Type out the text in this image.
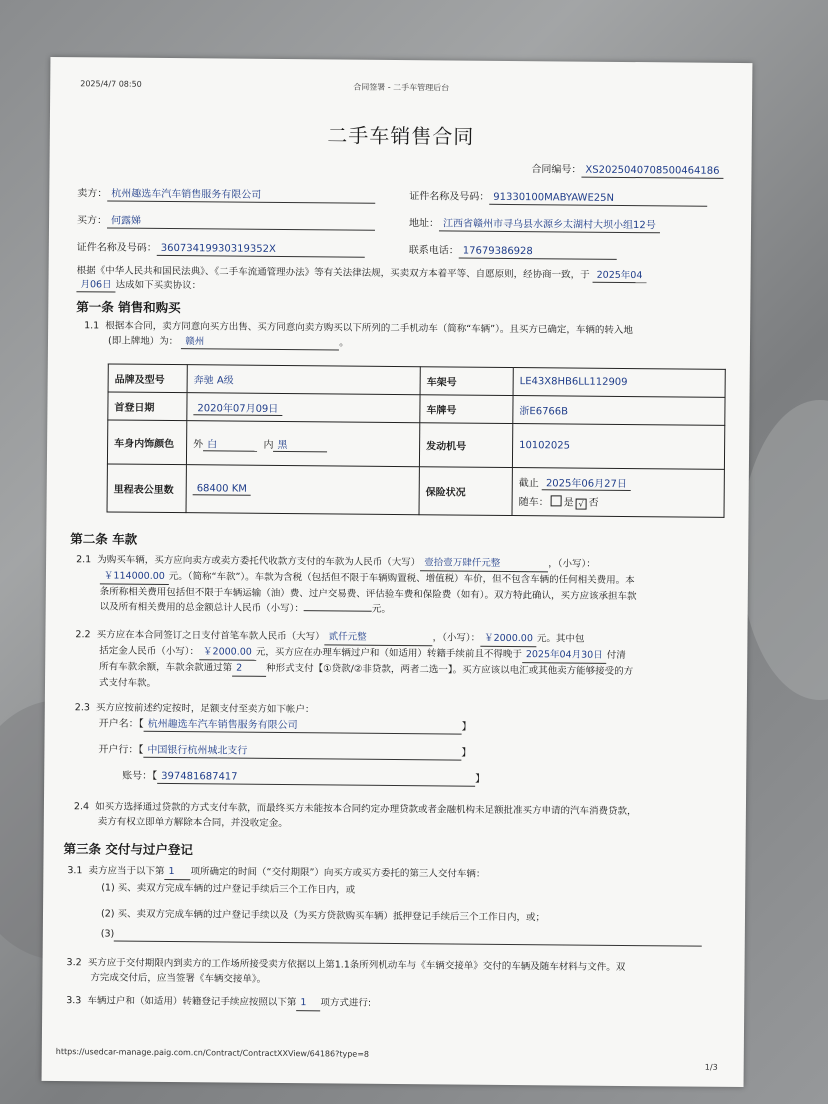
2025/4/7 08:50	合同签署 - 二手车管理后台
二手车销售合同
合同编号： XS2025040708500464186
卖方： 杭州趣选车汽车销售服务有限公司	证件名称及号码： 91330100MABYAWE25N
买方： 何露娣	地址： 江西省赣州市寻乌县水源乡太湖村大坝小组12号
证件名称及号码： 36073419930319352X	联系电话： 17679386928
根据《中华人民共和国民法典》、《二手车流通管理办法》等有关法律法规，买卖双方本着平等、自愿原则，经协商一致，于 2025年04
月06日 达成如下买卖协议：
第一条 销售和购买
1.1 根据本合同，卖方同意向买方出售、买方同意向卖方购买以下所列的二手机动车（简称“车辆”）。且买方已确定，车辆的转入地
(即上牌地）为： 赣州	。
品牌及型号	奔驰 A级	车架号	LE43X8HB6LL112909
首登日期	2020年07月09日	车牌号	浙E6766B
车身内饰颜色	外 白 内 黑	发动机号	10102025
里程表公里数	68400 KM	保险状况	截止 2025年06月27日
随车： 是 √ 否
第二条 车款
2.1 为购买车辆，买方应向卖方或卖方委托代收款方支付的车款为人民币（大写） 壹拾壹万肆仟元整	，（小写）：
￥114000.00 元。（简称“车款”）。车款为含税（包括但不限于车辆购置税、增值税）车价，但不包含车辆的任何相关费用。本
条所称相关费用包括但不限于车辆运输（油）费、过户交易费、评估验车费和保险费（如有）。双方特此确认，买方应该承担车款
以及所有相关费用的总金额总计人民币（小写）：	元。
2.2 买方应在本合同签订之日支付首笔车款人民币（大写） 贰仟元整	，（小写）： ￥2000.00 元。其中包
括定金人民币（小写）： ￥2000.00 元，买方应在办理车辆过户和（如适用）转籍手续前且不得晚于 2025年04月30日 付清
所有车款余额，车款余款通过第 2	种形式支付【①贷款/②非贷款，两者二选一】。买方应该以电汇或其他卖方能够接受的方
式支付车款。
2.3 买方应按前述约定按时，足额支付至卖方如下帐户：
开户名：【 杭州趣选车汽车销售服务有限公司	】
开户行：【 中国银行杭州城北支行	】
账号：【 397481687417	】
2.4 如买方选择通过贷款的方式支付车款，而最终买方未能按本合同约定办理贷款或者金融机构未足额批准买方申请的汽车消费贷款，
卖方有权立即单方解除本合同，并没收定金。
第三条 交付与过户登记
3.1 卖方应当于以下第 1 项所确定的时间（“交付期限”）向买方或买方委托的第三人交付车辆：
(1) 买、卖双方完成车辆的过户登记手续后三个工作日内，或
(2) 买、卖双方完成车辆的过户登记手续以及（为买方贷款购买车辆）抵押登记手续后三个工作日内，或；
(3)
3.2 买方应于交付期限内到卖方的工作场所接受卖方依据以上第1.1条所列机动车与《车辆交接单》交付的车辆及随车材料与文件。双
方完成交付后，应当签署《车辆交接单》。
3.3 车辆过户和（如适用）转籍登记手续应按照以下第 1 项方式进行:
https://usedcar-manage.paig.com.cn/Contract/ContractXXView/64186?type=8
1/3
